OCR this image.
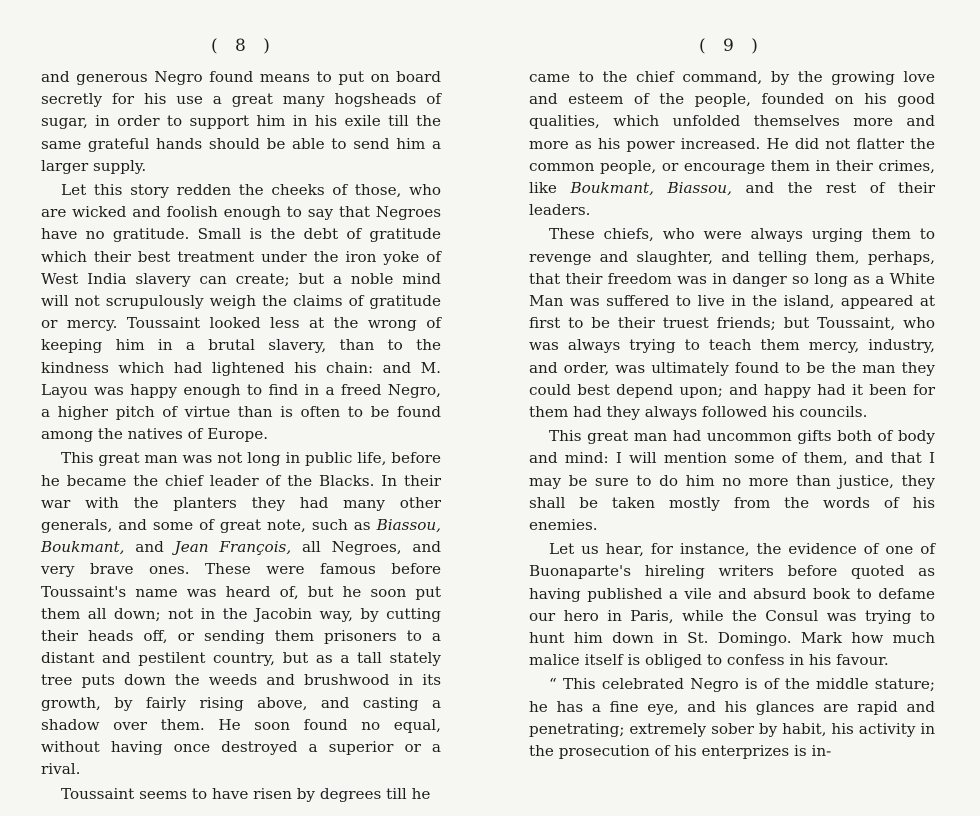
( 8 )

and generous Negro found means to put on board secretly for his use a great many hogsheads of sugar, in order to support him in his exile till the same grateful hands should be able to send him a larger supply.

Let this story redden the cheeks of those, who are wicked and foolish enough to say that Negroes have no gratitude. Small is the debt of gratitude which their best treatment under the iron yoke of West India slavery can create; but a noble mind will not scrupulously weigh the claims of gratitude or mercy. Toussaint looked less at the wrong of keeping him in a brutal slavery, than to the kindness which had lightened his chain: and M. Layou was happy enough to find in a freed Negro, a higher pitch of virtue than is often to be found among the natives of Europe.

This great man was not long in public life, before he became the chief leader of the Blacks. In their war with the planters they had many other generals, and some of great note, such as Biassou, Boukmant, and Jean François, all Negroes, and very brave ones. These were famous before Toussaint's name was heard of, but he soon put them all down; not in the Jacobin way, by cutting their heads off, or sending them prisoners to a distant and pestilent country, but as a tall stately tree puts down the weeds and brushwood in its growth, by fairly rising above, and casting a shadow over them. He soon found no equal, without having once destroyed a superior or a rival.

Toussaint seems to have risen by degrees till he

( 9 )

came to the chief command, by the growing love and esteem of the people, founded on his good qualities, which unfolded themselves more and more as his power increased. He did not flatter the common people, or encourage them in their crimes, like Boukmant, Biassou, and the rest of their leaders.

These chiefs, who were always urging them to revenge and slaughter, and telling them, perhaps, that their freedom was in danger so long as a White Man was suffered to live in the island, appeared at first to be their truest friends; but Toussaint, who was always trying to teach them mercy, industry, and order, was ultimately found to be the man they could best depend upon; and happy had it been for them had they always followed his councils.

This great man had uncommon gifts both of body and mind: I will mention some of them, and that I may be sure to do him no more than justice, they shall be taken mostly from the words of his enemies.

Let us hear, for instance, the evidence of one of Buonaparte's hireling writers before quoted as having published a vile and absurd book to defame our hero in Paris, while the Consul was trying to hunt him down in St. Domingo. Mark how much malice itself is obliged to confess in his favour.

“ This celebrated Negro is of the middle stature; he has a fine eye, and his glances are rapid and penetrating; extremely sober by habit, his activity in the prosecution of his enterprizes is in-
